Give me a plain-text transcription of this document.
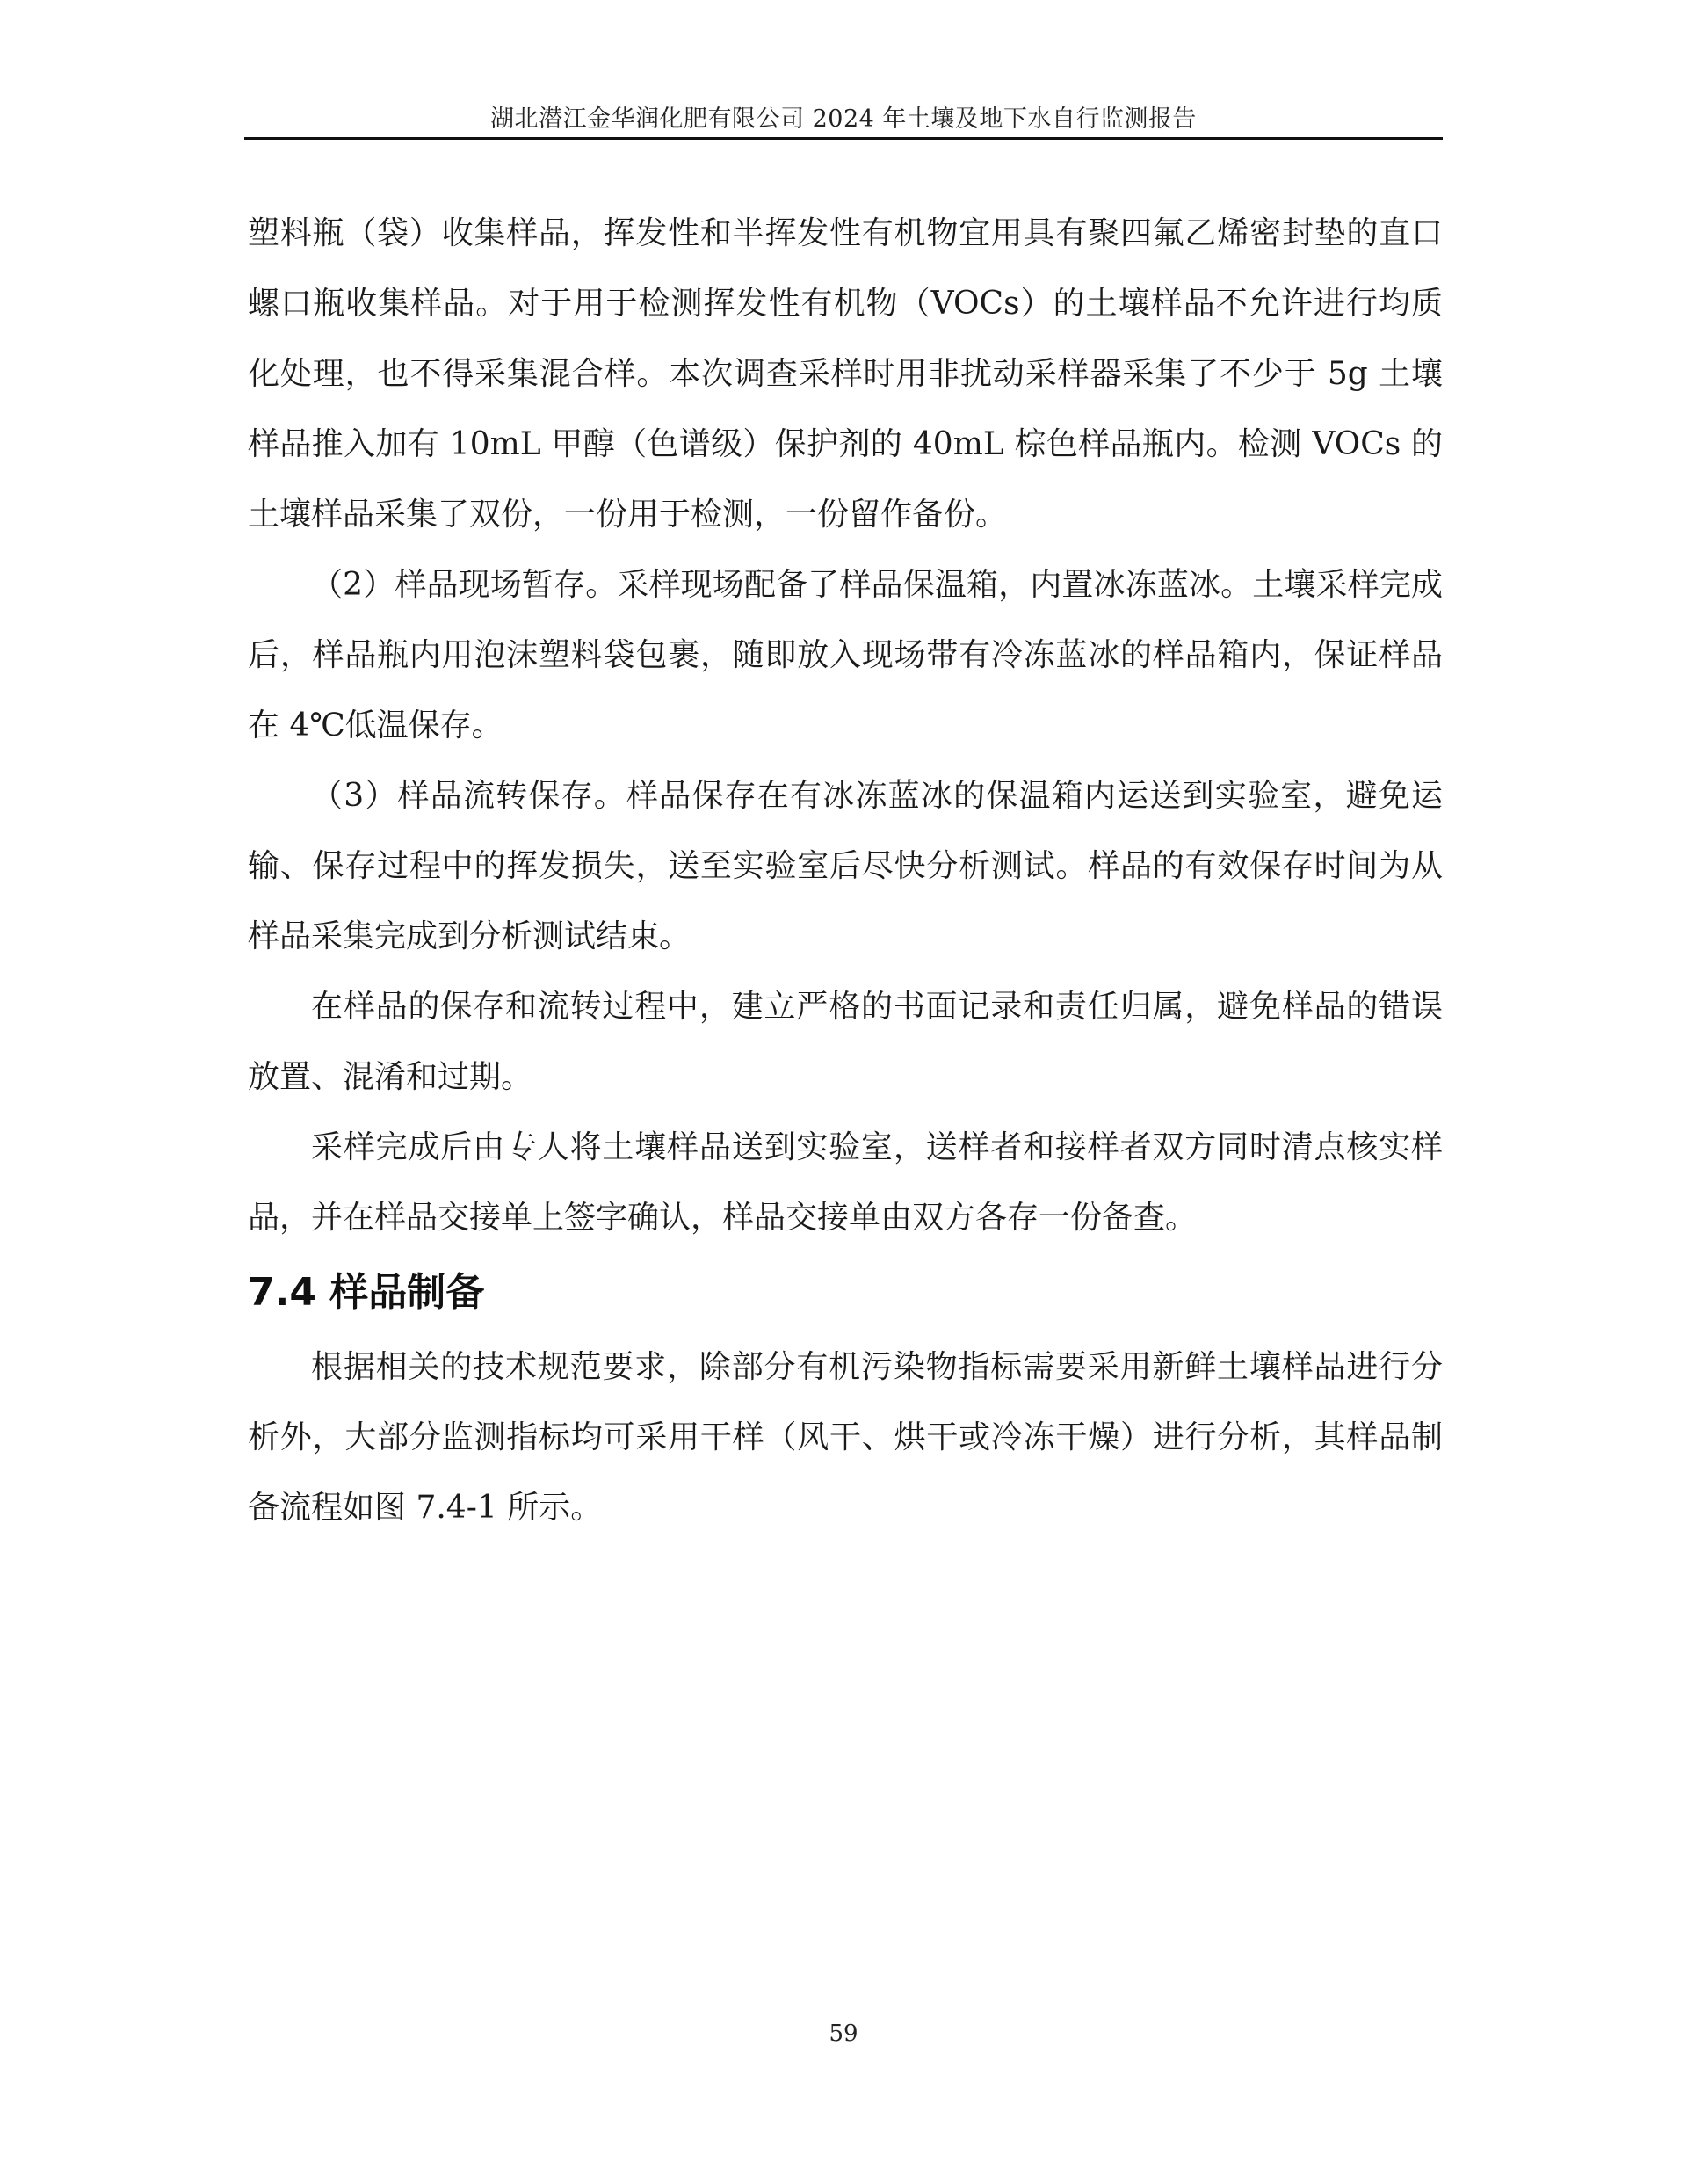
湖北潜江金华润化肥有限公司 2024 年土壤及地下水自行监测报告

塑料瓶（袋）收集样品，挥发性和半挥发性有机物宜用具有聚四氟乙烯密封垫的直口螺口瓶收集样品。对于用于检测挥发性有机物（VOCs）的土壤样品不允许进行均质化处理，也不得采集混合样。本次调查采样时用非扰动采样器采集了不少于 5g 土壤样品推入加有 10mL 甲醇（色谱级）保护剂的 40mL 棕色样品瓶内。检测 VOCs 的土壤样品采集了双份，一份用于检测，一份留作备份。

（2）样品现场暂存。采样现场配备了样品保温箱，内置冰冻蓝冰。土壤采样完成后，样品瓶内用泡沫塑料袋包裹，随即放入现场带有冷冻蓝冰的样品箱内，保证样品在 4℃低温保存。

（3）样品流转保存。样品保存在有冰冻蓝冰的保温箱内运送到实验室，避免运输、保存过程中的挥发损失，送至实验室后尽快分析测试。样品的有效保存时间为从样品采集完成到分析测试结束。

在样品的保存和流转过程中，建立严格的书面记录和责任归属，避免样品的错误放置、混淆和过期。

采样完成后由专人将土壤样品送到实验室，送样者和接样者双方同时清点核实样品，并在样品交接单上签字确认，样品交接单由双方各存一份备查。

7.4 样品制备

根据相关的技术规范要求，除部分有机污染物指标需要采用新鲜土壤样品进行分析外，大部分监测指标均可采用干样（风干、烘干或冷冻干燥）进行分析，其样品制备流程如图 7.4-1 所示。

59
